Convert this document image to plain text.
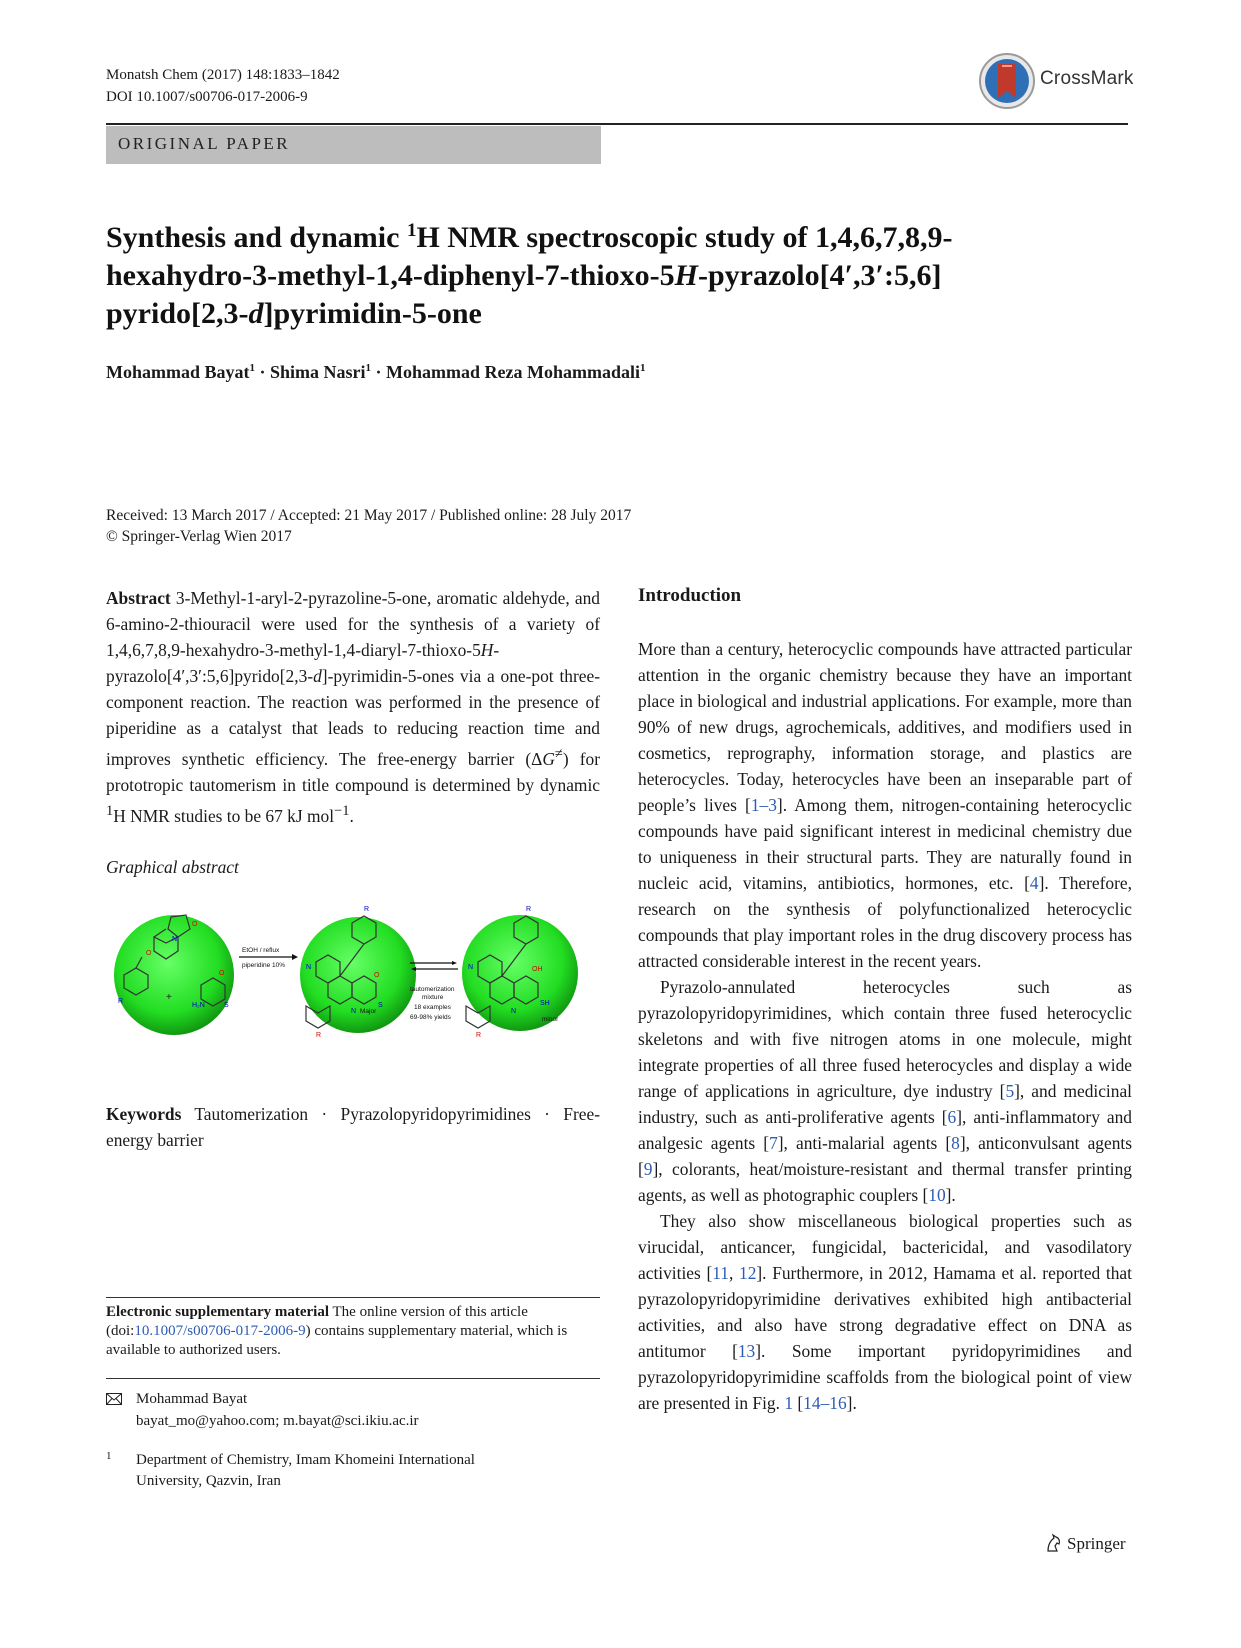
Monatsh Chem (2017) 148:1833–1842
DOI 10.1007/s00706-017-2006-9
CrossMark
ORIGINAL PAPER
Synthesis and dynamic $^1$H NMR spectroscopic study of 1,4,6,7,8,9-
hexahydro-3-methyl-1,4-diphenyl-7-thioxo-5H-pyrazolo[4′,3′:5,6]
pyrido[2,3-d]pyrimidin-5-one
Mohammad Bayat$^1$ · Shima Nasri$^1$ · Mohammad Reza Mohammadali$^1$
Received: 13 March 2017 / Accepted: 21 May 2017 / Published online: 28 July 2017
© Springer-Verlag Wien 2017
Abstract 3-Methyl-1-aryl-2-pyrazoline-5-one, aromatic aldehyde, and 6-amino-2-thiouracil were used for the synthesis of a variety of 1,4,6,7,8,9-hexahydro-3-methyl-1,4-diaryl-7-thioxo-5H-pyrazolo[4′,3′:5,6]pyrido[2,3-d]-pyrimidin-5-ones via a one-pot three-component reaction. The reaction was performed in the presence of piperidine as a catalyst that leads to reducing reaction time and improves synthetic efficiency. The free-energy barrier (ΔG≠) for prototropic tautomerism in title compound is determined by dynamic $^1$H NMR studies to be 67 kJ mol$^{-1}$.
Graphical abstract
O
N
R
O
O
H₂N	S
N
R
O
S
N
N
R
OH
SH
N
R	R
+
EtOH / reflux
piperidine 10%
tautomerization
mixture
18 examples
69-98% yields
Major
minor
Keywords Tautomerization · Pyrazolopyridopyrimidines · Free-energy barrier
Electronic supplementary material The online version of this article (doi:10.1007/s00706-017-2006-9) contains supplementary material, which is available to authorized users.
Mohammad Bayat
bayat_mo@yahoo.com; m.bayat@sci.ikiu.ac.ir
1	Department of Chemistry, Imam Khomeini International
University, Qazvin, Iran
Introduction

More than a century, heterocyclic compounds have attracted particular attention in the organic chemistry because they have an important place in biological and industrial applications. For example, more than 90% of new drugs, agrochemicals, additives, and modifiers used in cosmetics, reprography, information storage, and plastics are heterocycles. Today, heterocycles have been an inseparable part of people’s lives [1–3]. Among them, nitrogen-containing heterocyclic compounds have paid significant interest in medicinal chemistry due to uniqueness in their structural parts. They are naturally found in nucleic acid, vitamins, antibiotics, hormones, etc. [4]. Therefore, research on the synthesis of polyfunctionalized heterocyclic compounds that play important roles in the drug discovery process has attracted considerable interest in the recent years.

Pyrazolo-annulated heterocycles such as pyrazolopyridopyrimidines, which contain three fused heterocyclic skeletons and with five nitrogen atoms in one molecule, might integrate properties of all three fused heterocycles and display a wide range of applications in agriculture, dye industry [5], and medicinal industry, such as anti-proliferative agents [6], anti-inflammatory and analgesic agents [7], anti-malarial agents [8], anticonvulsant agents [9], colorants, heat/moisture-resistant and thermal transfer printing agents, as well as photographic couplers [10].

They also show miscellaneous biological properties such as virucidal, anticancer, fungicidal, bactericidal, and vasodilatory activities [11, 12]. Furthermore, in 2012, Hamama et al. reported that pyrazolopyridopyrimidine derivatives exhibited high antibacterial activities, and also have strong degradative effect on DNA as antitumor [13]. Some important pyridopyrimidines and pyrazolopyridopyrimidine scaffolds from the biological point of view are presented in Fig. 1 [14–16].

Springer
